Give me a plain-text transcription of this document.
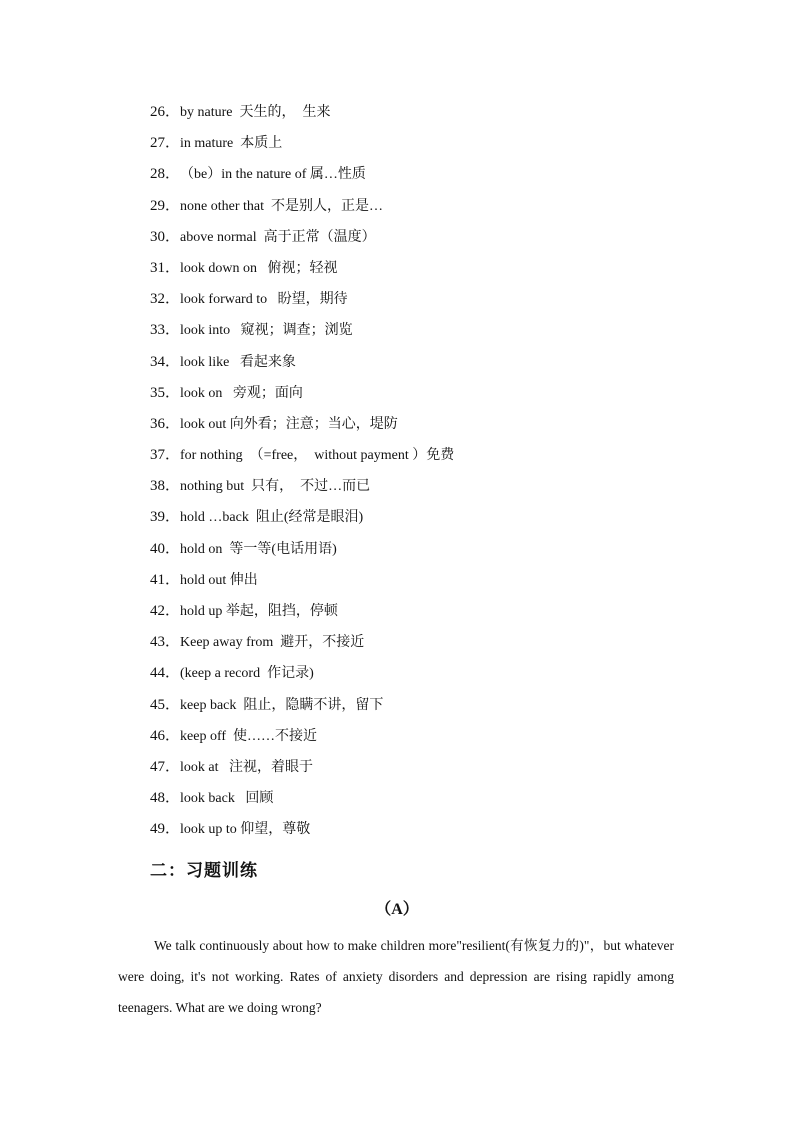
26．by nature  天生的，  生来
27．in mature  本质上
28．（be）in the nature of 属…性质
29．none other that  不是别人，正是…
30．above normal  高于正常（温度）
31．look down on   俯视；轻视
32．look forward to   盼望，期待
33．look into   窥视；调查；浏览
34．look like   看起来象
35．look on   旁观；面向
36．look out 向外看；注意；当心，堤防
37．for nothing  （=free，  without payment ）免费
38．nothing but  只有，  不过…而已
39．hold …back  阻止(经常是眼泪)
40．hold on  等一等(电话用语)
41．hold out 伸出
42．hold up 举起，阻挡，停顿
43．Keep away from  避开，不接近
44．(keep a record  作记录)
45．keep back  阻止，隐瞒不讲，留下
46．keep off  使……不接近
47．look at   注视，着眼于
48．look back   回顾
49．look up to 仰望，尊敬
二：习题训练
（A）

We talk continuously about how to make children more"resilient(有恢复力的)"，but whatever were doing, it's not working. Rates of anxiety disorders and depression are rising rapidly among teenagers. What are we doing wrong?
